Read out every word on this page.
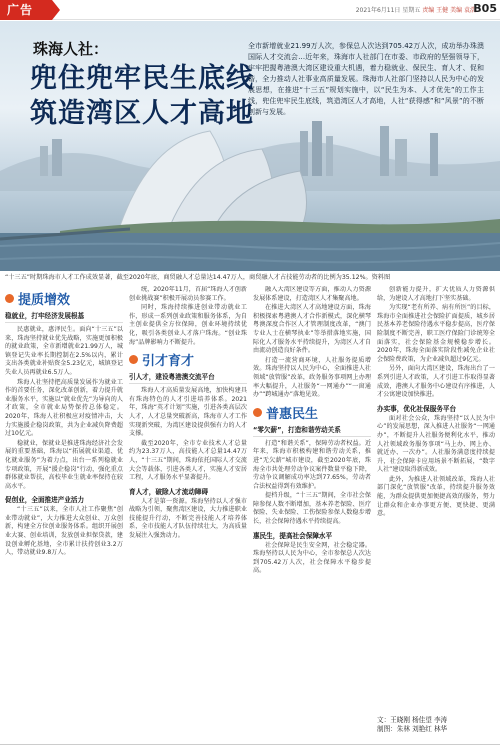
广告	2021年6月11日 星期五 责编 王健 美编 袁浩
B05
珠海人社：
兜住兜牢民生底线
筑造湾区人才高地
全市新增就业21.99万人次，参保总人次达到705.42万人次，成功举办珠澳国际人才交流会…近年来，珠海市人社部门在市委、市政府的坚强领导下，牢牢把握粤港澳大湾区建设重大机遇，着力稳就业、保民生、育人才、促和谐，全力推动人社事业高质量发展。珠海市人社部门坚持以人民为中心的发展思想，在推进“十三五”规划实施中，以“民生为本、人才优先”的工作主线，兜住兜牢民生底线，筑造湾区人才高地，人社“获得感”和“风景”的不断创新与发展。
“十三五”时期珠海市人才工作成效显著，截至2020年底，商贸融人才总量达14.47万人，商贸融人才占技能劳动者的比例为35.12%。资料图
提质增效
稳就业，打牢经济发展根基

民惠就业，惠泽民生。面向“十三五”以来，珠海坚持就业优先战略，实施更加积极的就业政策，全市新增就业21.99万人，城镇登记失业率长期控制在2.5%以内，累计支出各类就业补贴资金5.23亿元，城镇登记失业人员再就业6.5万人。

珠海人社坚持把高质量发展作为就业工作的首要任务，深化改革创新，着力提升就业服务水平，实施以“就业优先”为导向的人才政策，全市就业局势保持总体稳定。2020年，珠海人社积极应对疫情冲击，大力实施援企稳岗政策，共为企业减负降费超过10亿元。

稳就业，保就业是推进珠海经济社会发展的重要基础，珠海以“拓展就业渠道、优化就业服务”为着力点，出台一系列稳就业专项政策，开展“援企稳岗”行动，强化重点群体就业帮扶，高校毕业生就业率保持在较高水平。

促创业，全面推进产业活力

“十三五”以来，全市人社工作聚焦“创业带动就业”，大力推进大众创业、万众创新，构建全方位创业服务体系。组织开展创业大赛、创业培训，发放创业担保贷款，建设创业孵化基地，全市累计扶持创业3.2万人，带动就业9.8万人。

统，2020年11月，首届“珠海人才创新创业挑战赛”积极开展动员参赛工作。

同时，珠海持续推进创业带动就业工作，形成一系列创业政策和服务体系，为自主创业提供全方位保障，创业环境持续优化，吸引各类创业人才落户珠海。“创业珠海”品牌影响力不断提升。

引才育才
引人才，建设粤港澳交流平台

珠海人才高质量发展高地，加快构建具有珠海特色的人才引进培养体系。2021年，珠海“英才计划”实施，引进各类高层次人才，人才总量突破新高，珠海市人才工作实现新突破，为湾区建设提供强有力的人才支撑。

截至2020年，全市专业技术人才总量约为23.37万人，高技能人才总量14.47万人，“十三五”期间，珠海依托国际人才交流大会等载体，引进各类人才，实施人才安居工程，人才服务水平显著提升。

育人才，破除人才流动障碍

人才是第一资源。珠海坚持以人才强市战略为引领，聚焦湾区建设，大力推进职业技能提升行动，不断完善技能人才培养体系，全市技能人才队伍持续壮大，为高质量发展注入强劲动力。

融入大湾区建设等方面，推动人力资源发展体系建设，打造湾区人才集聚高地。

在推进大湾区人才高地建设方面，珠海积极探索粤港澳人才合作新模式，深化横琴粤澳深度合作区人才管理制度改革，“澳门专业人士在横琴执业”等举措落地实施，国际化人才服务水平持续提升，为湾区人才自由流动创造良好条件。

打造一流营商环境，人社服务提质增效。珠海坚持以人民为中心，全面推进人社领域“放管服”改革，政务服务事项网上办理率大幅提升，人社服务“一网通办”“一窗通办”“跨城通办”落地见效。

普惠民生
“零欠薪”，打造和谐劳动关系

打造“和谐关系”，保障劳动者权益。近年来，珠海市积极构建和谐劳动关系，推进“无欠薪”城市建设，截至2020年底，珠海全市共处理劳动争议案件数量平稳下降，劳动争议调解成功率达到77.65%，劳动者合法权益得到有效维护。

提档升级，“十三五”期间，全市社会保障参保人数不断增加，基本养老保险、医疗保险、失业保险、工伤保险参保人数稳步增长，社会保障待遇水平持续提高。

惠民生，提高社会保障水平

社会保障是民生安全网，社会稳定器。珠海坚持以人民为中心，全市参保总人次达到705.42万人次，社会保障水平稳步提高。

创新能力提升，扩大优质人力资源供给，为建设人才高地打下坚实基础。

为实现“老有所养、病有所医”的目标，珠海市全面推进社会保险扩面提质，城乡居民基本养老保险待遇水平稳步提高，医疗保险制度不断完善，职工医疗保险门诊统筹全面落实，社会保险基金规模稳步增长。2020年，珠海全面落实阶段性减免企业社会保险费政策，为企业减负超过9亿元。

另外，面向大湾区建设，珠海出台了一系列引进人才政策，人才引进工作取得显著成效，港澳人才服务中心建设有序推进，人才公寓建设加快推进。

办实事，优化社保服务平台

面对社会公众，珠海坚持“以人民为中心”的发展思想，深入推进人社服务“一网通办”，不断提升人社服务便利化水平，推动人社领域政务服务事项“马上办、网上办、就近办、一次办”。人社服务满意度持续提升，社会保障卡应用场景不断拓展，“数字人社”建设取得新成效。

此外，为推进人社领域改革，珠海人社部门深化“放管服”改革，持续提升服务效能，为群众提供更加便捷高效的服务，努力让群众和企业办事更方便、更快捷、更满意。

文：王晓刚 杨佳望 李涛
制图：朱林 刘艳红 林华
